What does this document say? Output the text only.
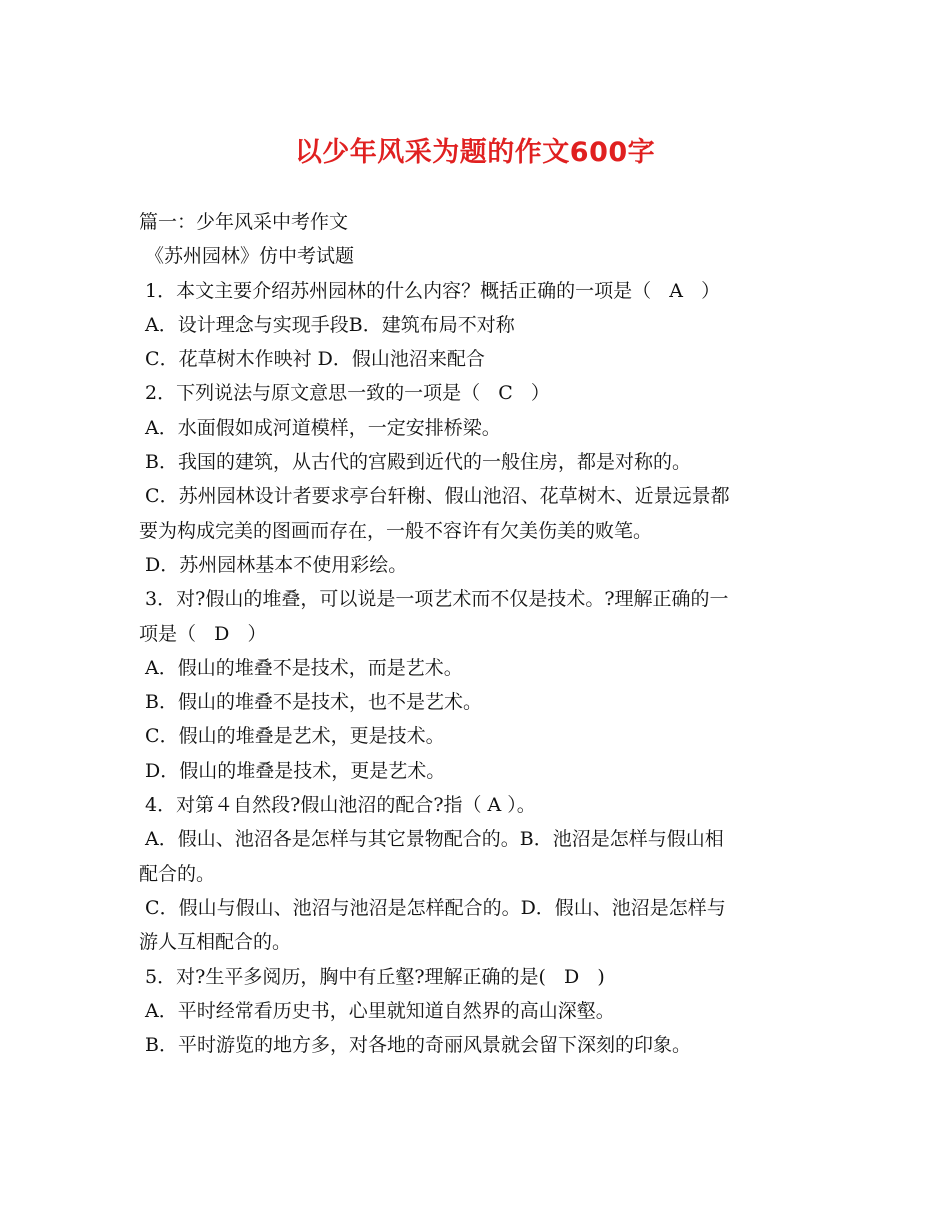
以少年风采为题的作文600字
篇一：少年风采中考作文
《苏州园林》仿中考试题
1．本文主要介绍苏州园林的什么内容？概括正确的一项是（   A   ）
A．设计理念与实现手段B．建筑布局不对称
C．花草树木作映衬 D．假山池沼来配合
2．下列说法与原文意思一致的一项是（   C   ）
A．水面假如成河道模样，一定安排桥梁。
B．我国的建筑，从古代的宫殿到近代的一般住房，都是对称的。
C．苏州园林设计者要求亭台轩榭、假山池沼、花草树木、近景远景都
要为构成完美的图画而存在，一般不容许有欠美伤美的败笔。
D．苏州园林基本不使用彩绘。
3．对?假山的堆叠，可以说是一项艺术而不仅是技术。?理解正确的一
项是（   D   ）
A．假山的堆叠不是技术，而是艺术。
B．假山的堆叠不是技术，也不是艺术。
C．假山的堆叠是艺术，更是技术。
D．假山的堆叠是技术，更是艺术。
4．对第４自然段?假山池沼的配合?指（ A ）。
A．假山、池沼各是怎样与其它景物配合的。B．池沼是怎样与假山相
配合的。
C．假山与假山、池沼与池沼是怎样配合的。D．假山、池沼是怎样与
游人互相配合的。
5．对?生平多阅历，胸中有丘壑?理解正确的是(   D   )
A．平时经常看历史书，心里就知道自然界的高山深壑。
B．平时游览的地方多，对各地的奇丽风景就会留下深刻的印象。
